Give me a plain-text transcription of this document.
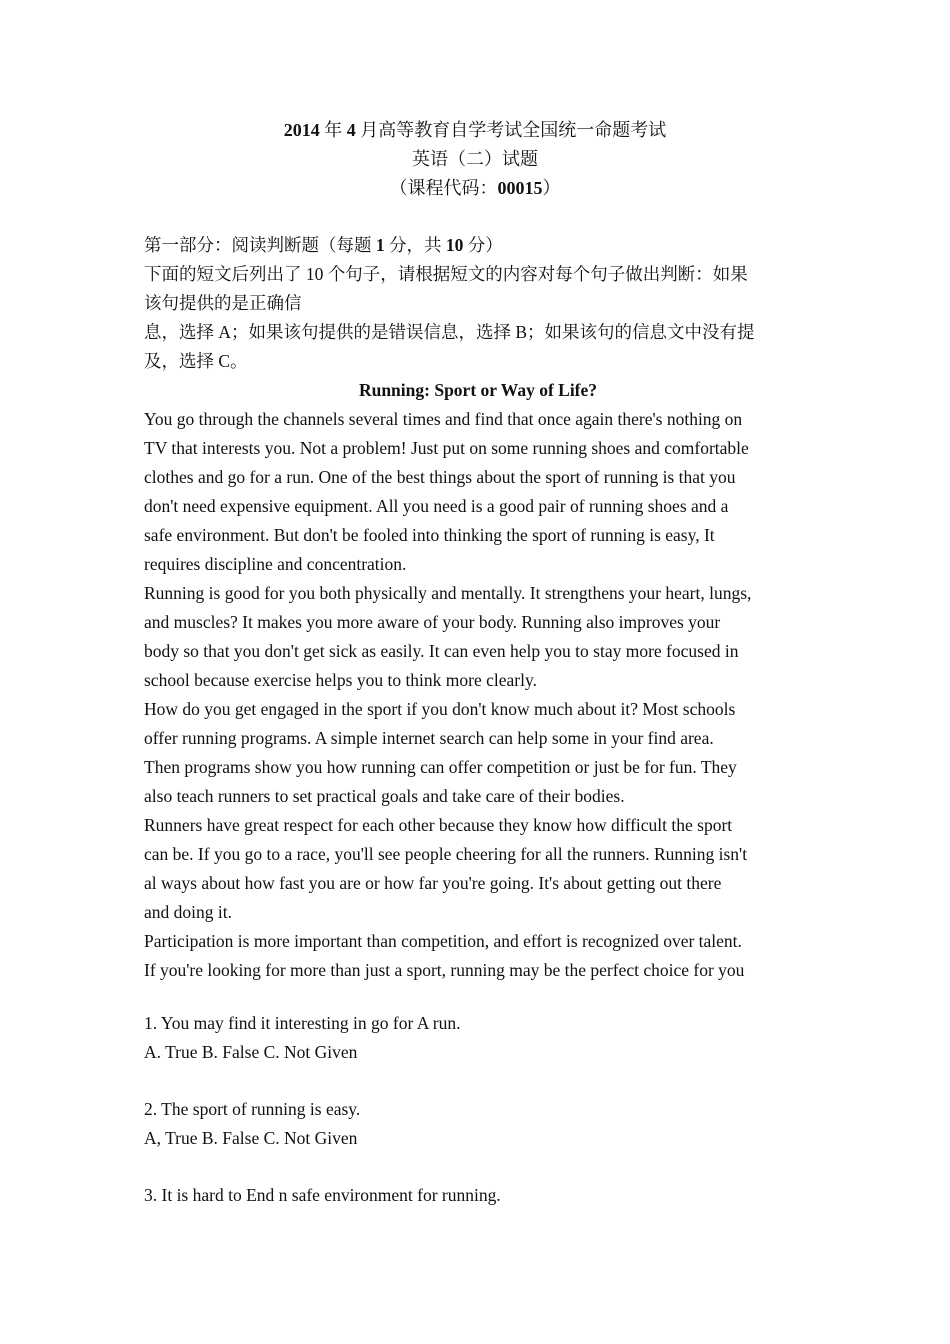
2014 年 4 月高等教育自学考试全国统一命题考试
英语（二）试题
（课程代码：00015）
第一部分：阅读判断题（每题 1 分，共 10 分）
下面的短文后列出了 10 个句子，请根据短文的内容对每个句子做出判断：如果
该句提供的是正确信
息，选择 A；如果该句提供的是错误信息，选择 B；如果该句的信息文中没有提
及，选择 C。
Running: Sport or Way of Life?
You go through the channels several times and find that once again there's nothing on
TV that interests you. Not a problem! Just put on some running shoes and comfortable
clothes and go for a run. One of the best things about the sport of running is that you
don't need expensive equipment. All you need is a good pair of running shoes and a
safe environment. But don't be fooled into thinking the sport of running is easy, It
requires discipline and concentration.
Running is good for you both physically and mentally. It strengthens your heart, lungs,
and muscles? It makes you more aware of your body. Running also improves your
body so that you don't get sick as easily. It can even help you to stay more focused in
school because exercise helps you to think more clearly.
How do you get engaged in the sport if you don't know much about it? Most schools
offer running programs. A simple internet search can help some in your find area.
Then programs show you how running can offer competition or just be for fun. They
also teach runners to set practical goals and take care of their bodies.
Runners have great respect for each other because they know how difficult the sport
can be. If you go to a race, you'll see people cheering for all the runners. Running isn't
al ways about how fast you are or how far you're going. It's about getting out there
and doing it.
Participation is more important than competition, and effort is recognized over talent.
If you're looking for more than just a sport, running may be the perfect choice for you
1. You may find it interesting in go for A run.
A. True B. False C. Not Given
2. The sport of running is easy.
A, True B. False C. Not Given
3. It is hard to End n safe environment for running.
